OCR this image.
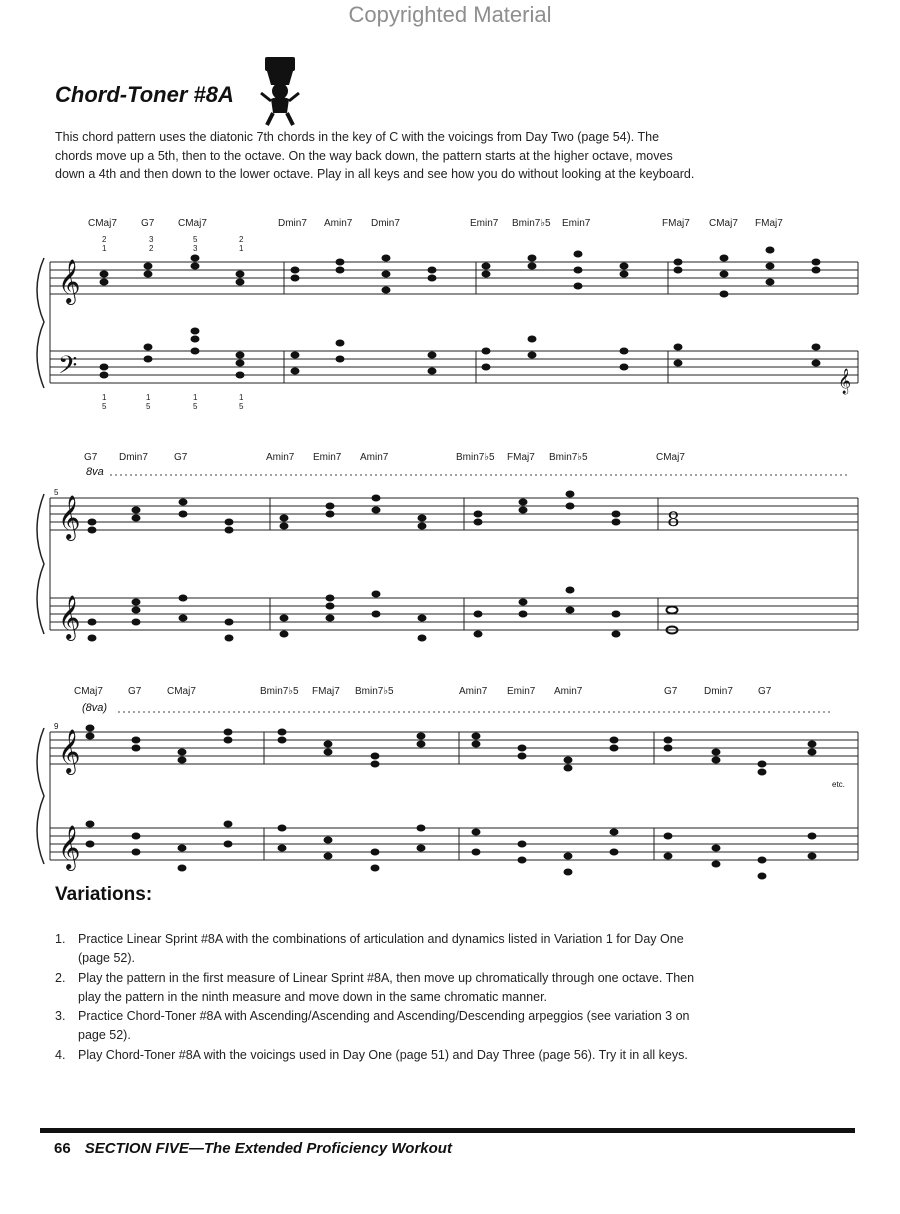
Copyrighted Material
Chord-Toner #8A
This chord pattern uses the diatonic 7th chords in the key of C with the voicings from Day Two (page 54). The chords move up a 5th, then to the octave. On the way back down, the pattern starts at the higher octave, moves down a 4th and then down to the lower octave. Play in all keys and see how you do without looking at the keyboard.
CMaj7 G7 CMaj7	Dmin7 Amin7 Dmin7	Emin7 Bmin7♭5 Emin7	FMaj7 CMaj7 FMaj7
2
1
3
2
5
3
2
1
1
5
1
5
1
5
1
5
𝄞
𝄢	𝄞
G7 Dmin7	G7	Amin7 Emin7 Amin7	Bmin7♭5 FMaj7 Bmin7♭5	CMaj7
8va
5
𝄞
𝄞
8
CMaj7	G7	CMaj7	Bmin7♭5 FMaj7 Bmin7♭5	Amin7 Emin7 Amin7	G7	Dmin7	G7
(8va)
9
etc.
𝄞
𝄞
Variations:
1. Practice Linear Sprint #8A with the combinations of articulation and dynamics listed in Variation 1 for Day One (page 52).
2. Play the pattern in the first measure of Linear Sprint #8A, then move up chromatically through one octave. Then play the pattern in the ninth measure and move down in the same chromatic manner.
3. Practice Chord-Toner #8A with Ascending/Ascending and Ascending/Descending arpeggios (see variation 3 on page 52).
4. Play Chord-Toner #8A with the voicings used in Day One (page 51) and Day Three (page 56). Try it in all keys.
66 SECTION FIVE—The Extended Proficiency Workout
